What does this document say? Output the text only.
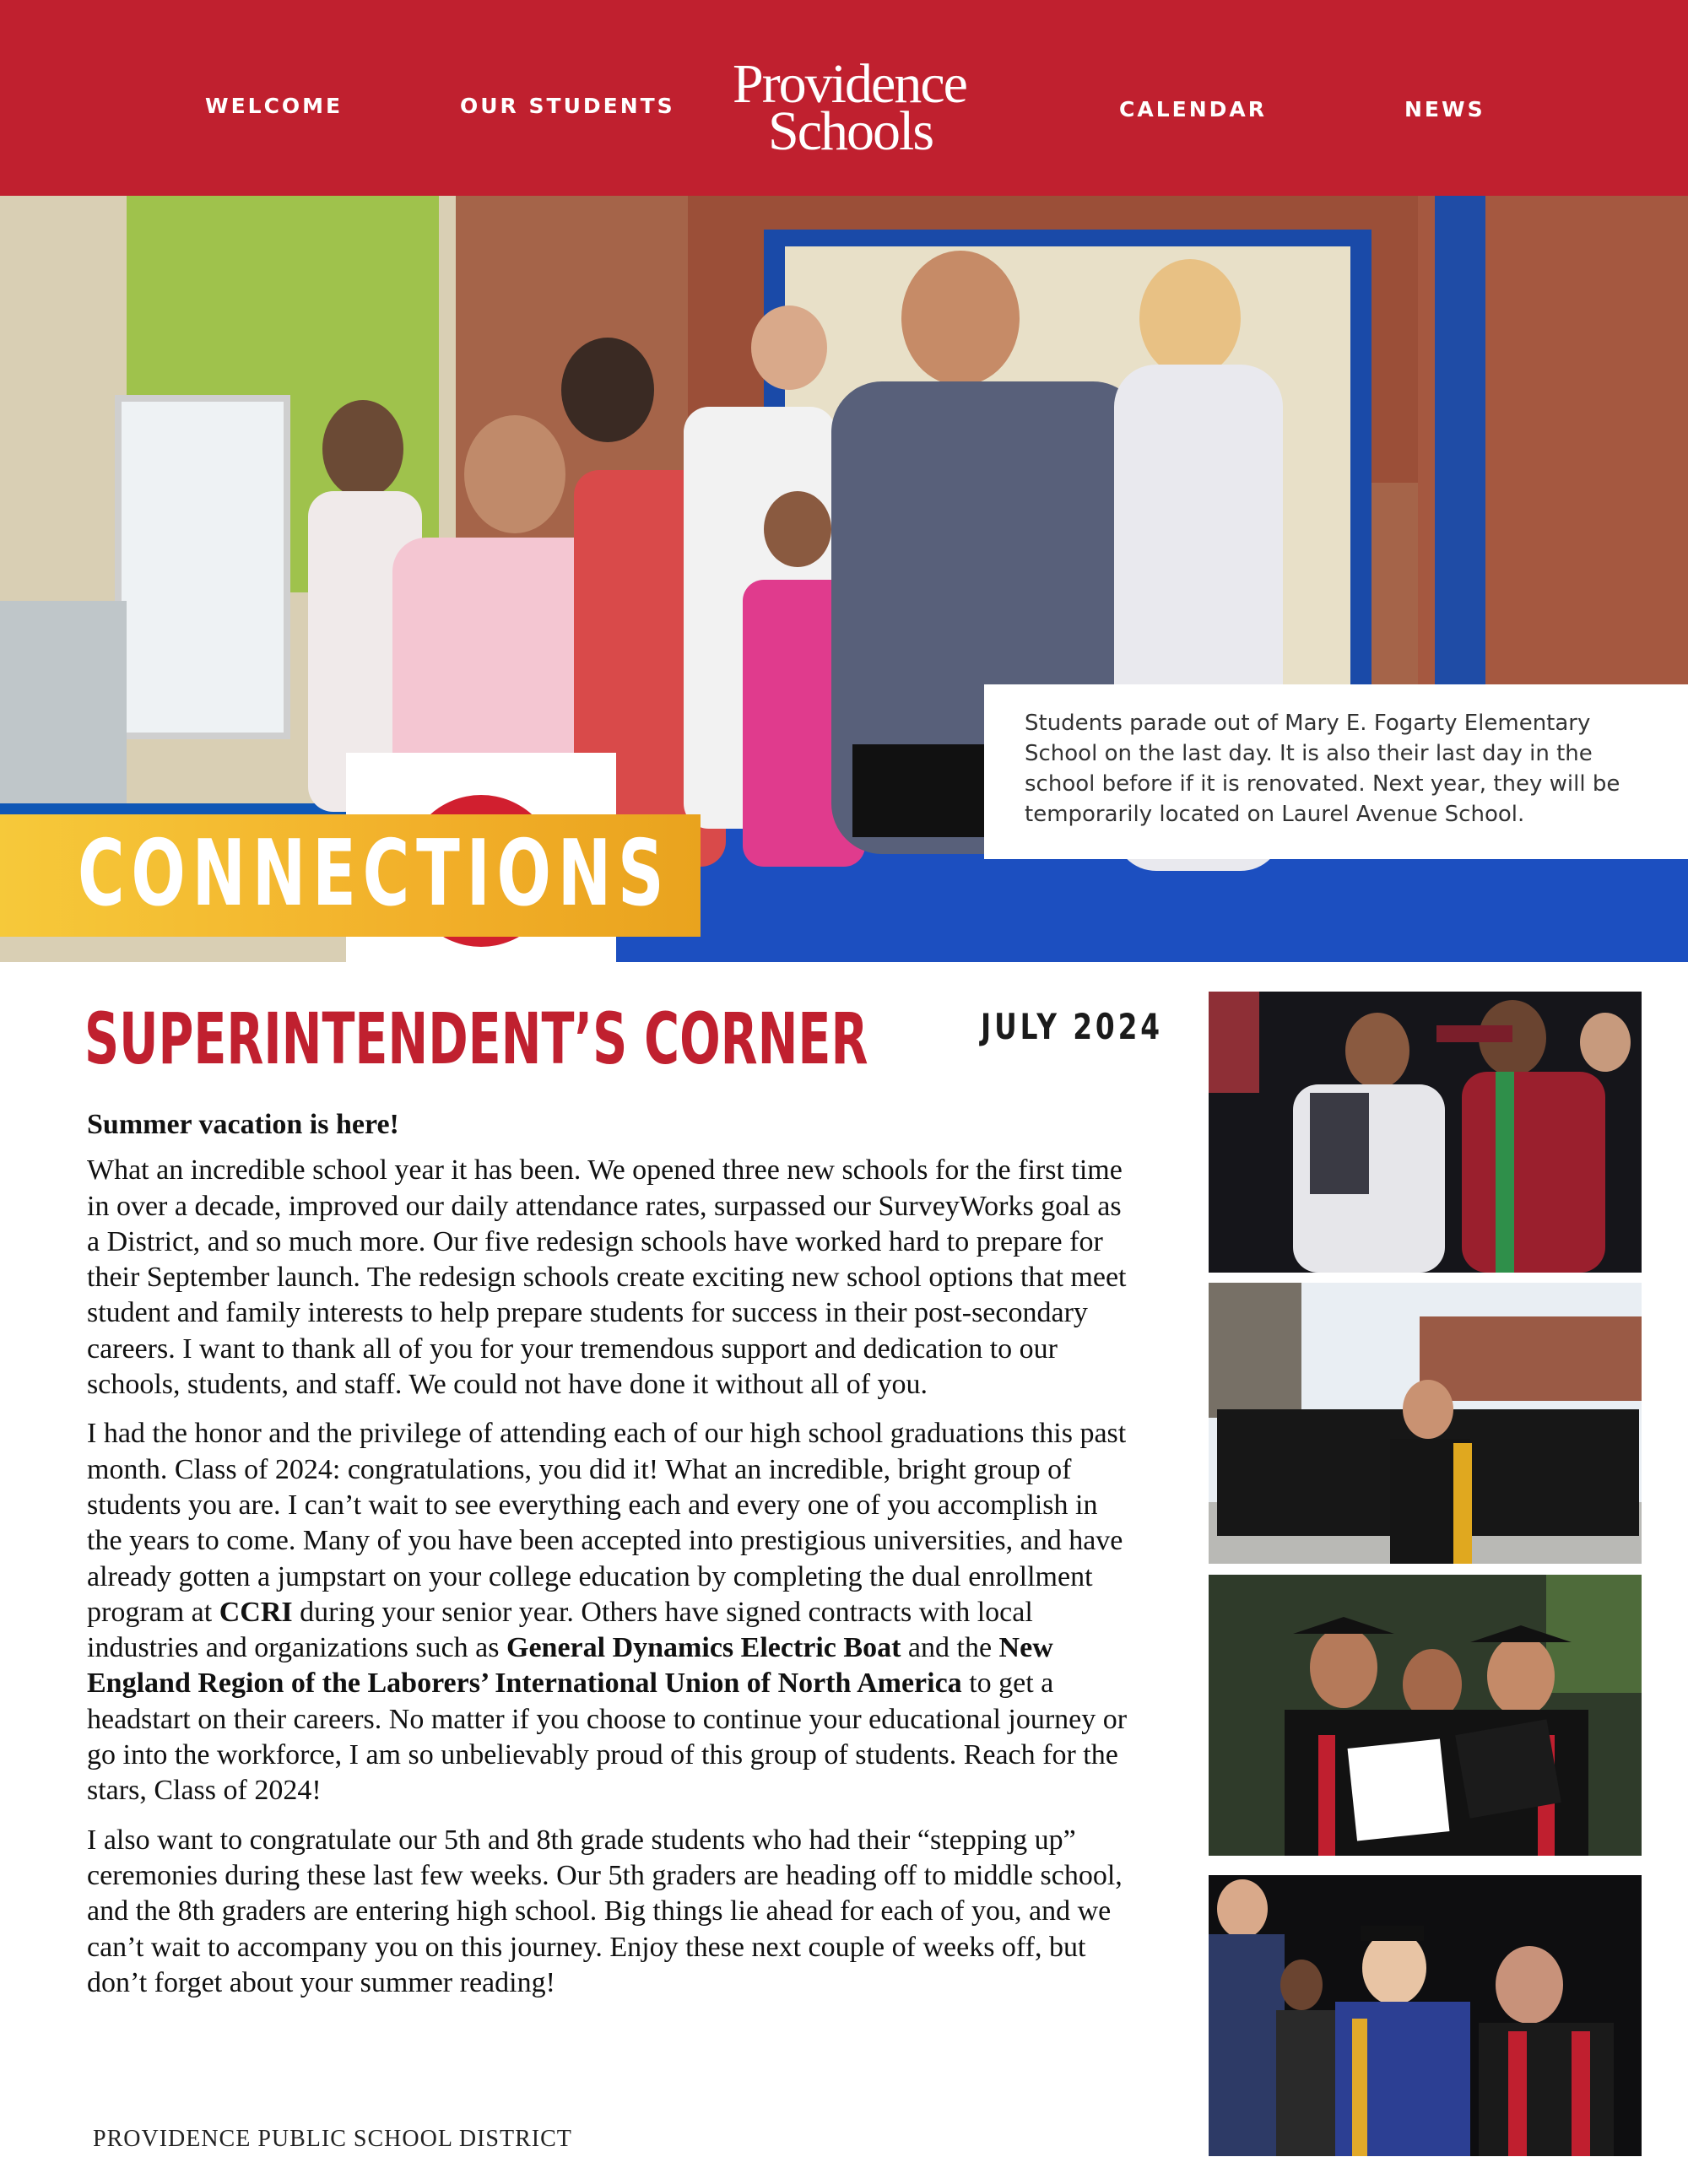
WELCOME	OUR STUDENTS Providence
Schools	CALENDAR	NEWS

Students parade out of Mary E. Fogarty Elementary School on the last day. It is also their last day in the school before if it is renovated. Next year, they will be temporarily located on Laurel Avenue School.

CONNECTIONS
SUPERINTENDENT’S CORNER	JULY 2024

Summer vacation is here!

What an incredible school year it has been. We opened three new schools for the first time in over a decade, improved our daily attendance rates, surpassed our SurveyWorks goal as a District, and so much more. Our five redesign schools have worked hard to prepare for their September launch. The redesign schools create exciting new school options that meet student and family interests to help prepare students for success in their post-secondary careers. I want to thank all of you for your tremendous support and dedication to our schools, students, and staff. We could not have done it without all of you.

I had the honor and the privilege of attending each of our high school graduations this past month. Class of 2024: congratulations, you did it! What an incredible, bright group of students you are. I can’t wait to see everything each and every one of you accomplish in the years to come. Many of you have been accepted into prestigious universities, and have already gotten a jumpstart on your college education by completing the dual enrollment program at CCRI during your senior year. Others have signed contracts with local industries and organizations such as General Dynamics Electric Boat and the New England Region of the Laborers’ International Union of North America to get a headstart on their careers. No matter if you choose to continue your educational journey or go into the workforce, I am so unbelievably proud of this group of students. Reach for the stars, Class of 2024!

I also want to congratulate our 5th and 8th grade students who had their “stepping up” ceremonies during these last few weeks. Our 5th graders are heading off to middle school, and the 8th graders are entering high school. Big things lie ahead for each of you, and we can’t wait to accompany you on this journey. Enjoy these next couple of weeks off, but don’t forget about your summer reading!

PROVIDENCE PUBLIC SCHOOL DISTRICT
